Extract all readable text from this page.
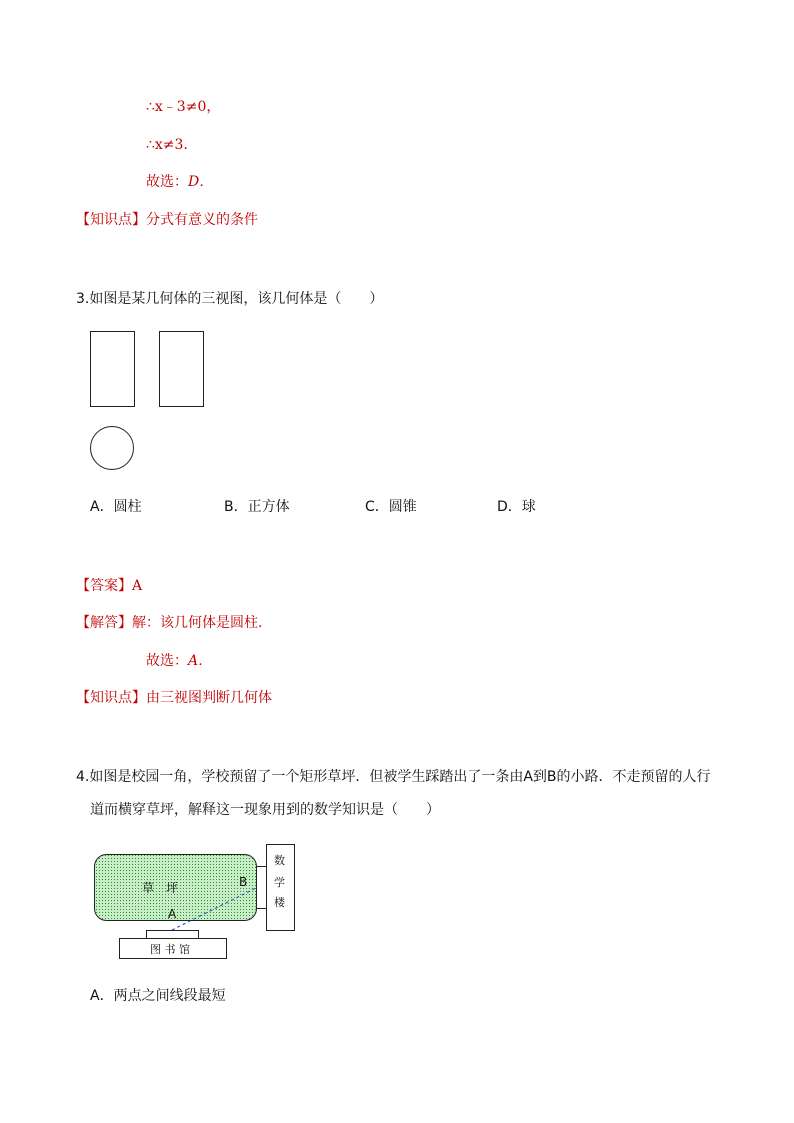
∴x﹣3≠0，
∴x≠3．
故选：D．
【知识点】分式有意义的条件
3.如图是某几何体的三视图，该几何体是（　　）
A．圆柱	B．正方体	C．圆锥	D．球
【答案】A
【解答】解：该几何体是圆柱．
故选：A．
【知识点】由三视图判断几何体
4.如图是校园一角，学校预留了一个矩形草坪．但被学生踩踏出了一条由A到B的小路．不走预留的人行
道而横穿草坪，解释这一现象用到的数学知识是（　　）
草　坪
A
B
数
学
楼
图 书 馆
A．两点之间线段最短
